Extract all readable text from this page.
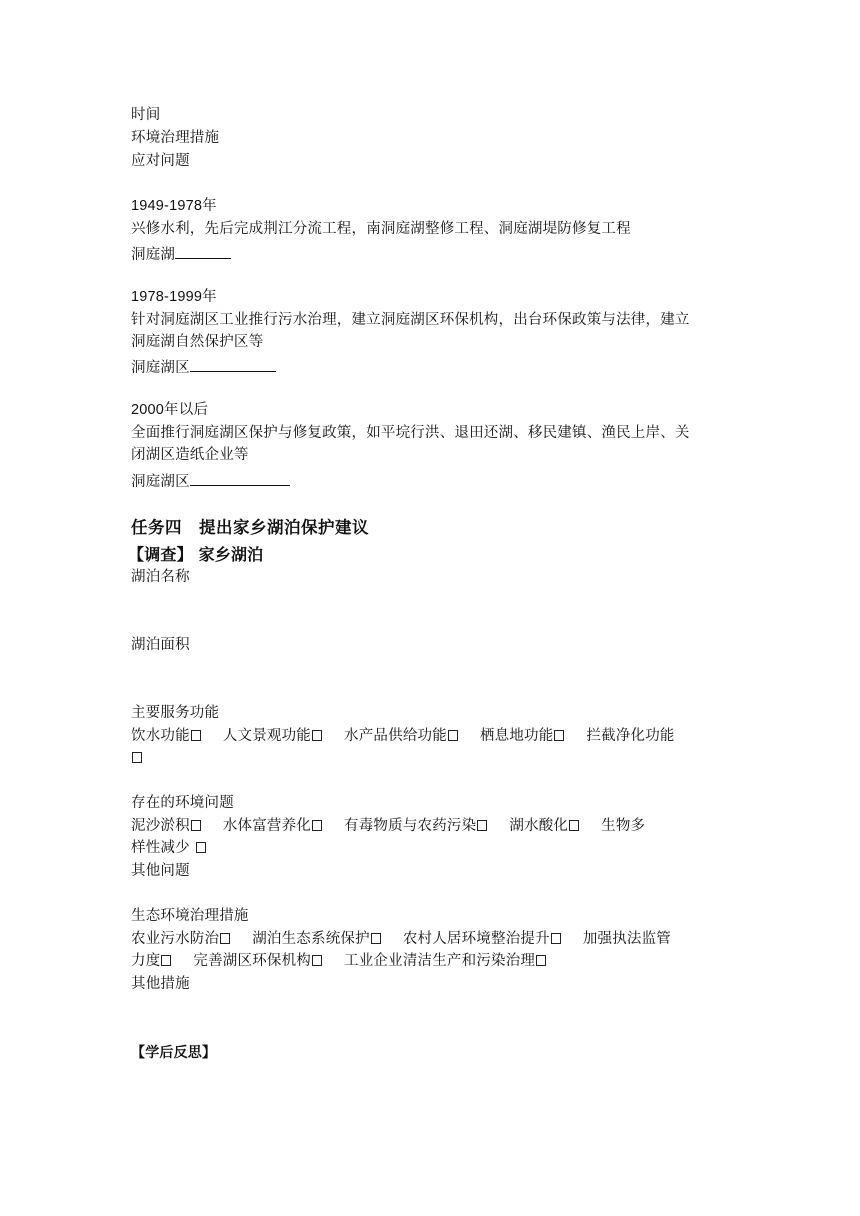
时间
环境治理措施
应对问题
1949-1978年
兴修水利，先后完成荆江分流工程，南洞庭湖整修工程、洞庭湖堤防修复工程
洞庭湖
1978-1999年
针对洞庭湖区工业推行污水治理，建立洞庭湖区环保机构，出台环保政策与法律，建立
洞庭湖自然保护区等
洞庭湖区
2000年以后
全面推行洞庭湖区保护与修复政策，如平垸行洪、退田还湖、移民建镇、渔民上岸、关
闭湖区造纸企业等
洞庭湖区
任务四　提出家乡湖泊保护建议
【调查】 家乡湖泊
湖泊名称
湖泊面积
主要服务功能
饮水功能 人文景观功能 水产品供给功能 栖息地功能 拦截净化功能
存在的环境问题
泥沙淤积 水体富营养化 有毒物质与农药污染 湖水酸化 生物多
样性减少
其他问题
生态环境治理措施
农业污水防治 湖泊生态系统保护 农村人居环境整治提升 加强执法监管
力度 完善湖区环保机构 工业企业清洁生产和污染治理
其他措施
【学后反思】
